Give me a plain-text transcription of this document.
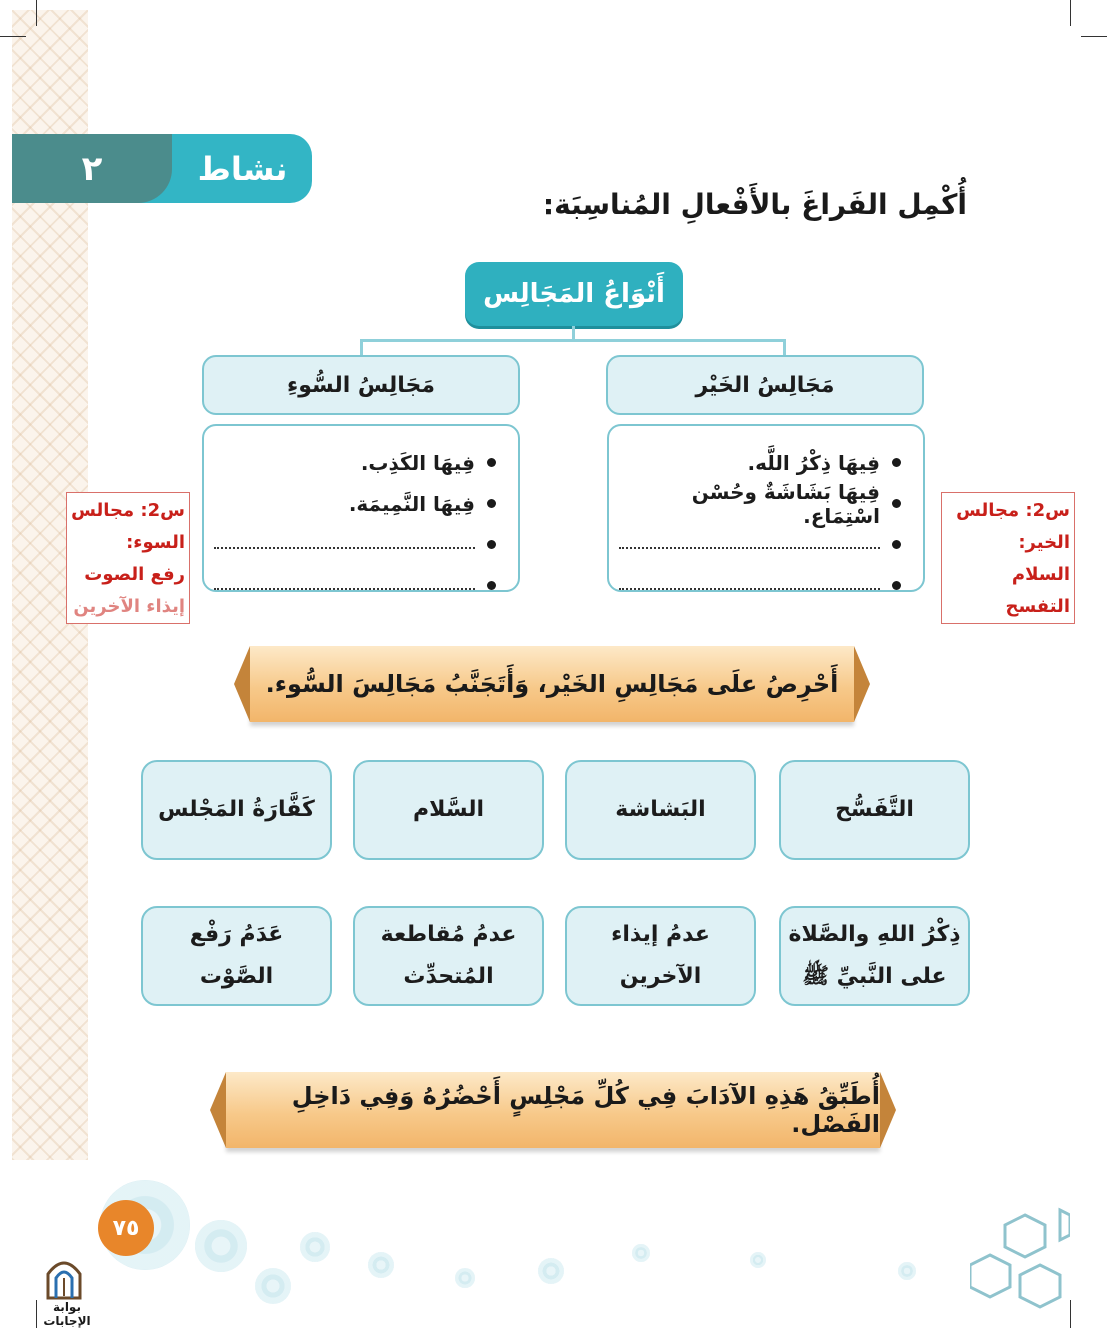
٢	نشاط
أُكْمِل الفَراغَ بالأَفْعالِ المُناسِبَة:
أَنْوَاعُ المَجَالِس
مَجَالِسُ الخَيْر
مَجَالِسُ السُّوءِ
فِيهَا ذِكْرُ اللَّه.
فِيهَا بَشَاشَةٌ وحُسْن اسْتِمَاع.
فِيهَا الكَذِب.
فِيهَا النَّمِيمَة.
س2: مجالس
السوء:
رفع الصوت
إيذاء الآخرين
س2: مجالس
الخير:
السلام
التفسح
أَحْرِصُ علَى مَجَالِسِ الخَيْر، وَأَتَجَنَّبُ مَجَالِسَ السُّوء.
التَّفَسُّح
البَشاشة
السَّلام
كَفَّارَةُ المَجْلس
ذِكْرُ اللهِ والصَّلاة
على النَّبيِّ ﷺ
عدمُ إيذاء
الآخرين
عدمُ مُقاطعة
المُتحدِّث
عَدَمُ رَفْع
الصَّوْت
أُطَبِّقُ هَذِهِ الآدَابَ فِي كُلِّ مَجْلِسٍ أَحْضُرُهُ وَفِي دَاخِلِ الفَصْل.
٧٥
بوابة الإجابات
